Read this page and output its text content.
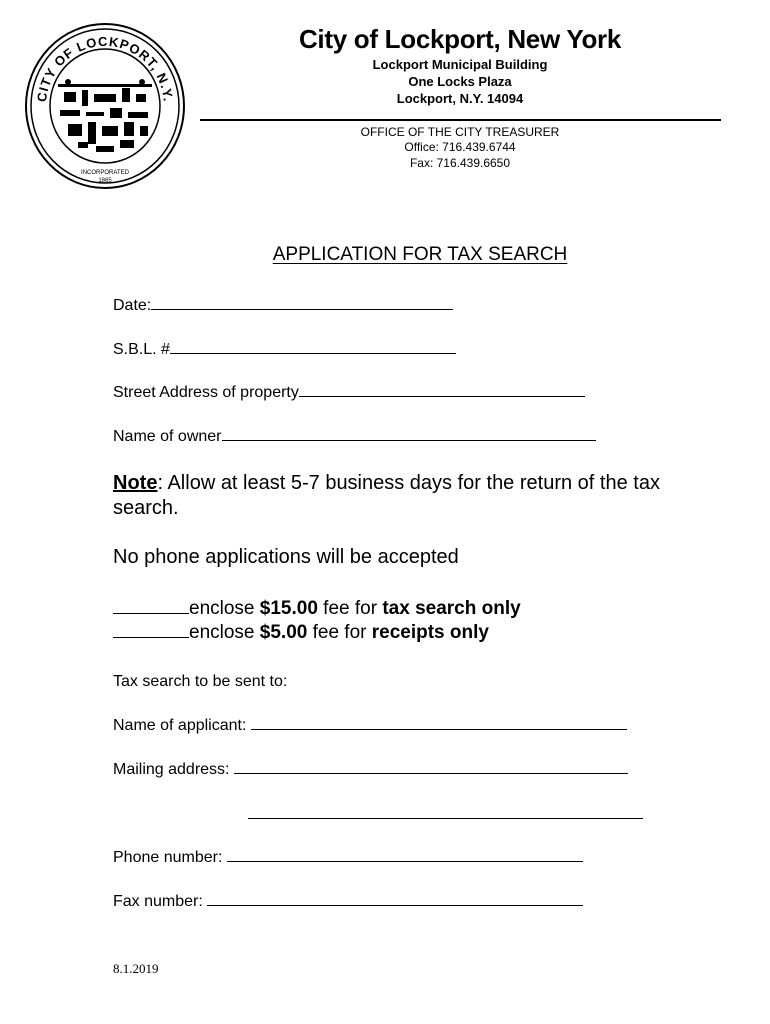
CITY OF LOCKPORT, N.Y.
INCORPORATED
1865
City of Lockport, New York
Lockport Municipal Building
One Locks Plaza
Lockport, N.Y. 14094
OFFICE OF THE CITY TREASURER
Office: 716.439.6744
Fax: 716.439.6650
APPLICATION FOR TAX SEARCH
Date:
S.B.L. #
Street Address of property
Name of owner
Note: Allow at least 5-7 business days for the return of the tax search.
No phone applications will be accepted
enclose $15.00 fee for tax search only
enclose $5.00 fee for receipts only
Tax search to be sent to:
Name of applicant:
Mailing address:
Phone number:
Fax number:
8.1.2019
